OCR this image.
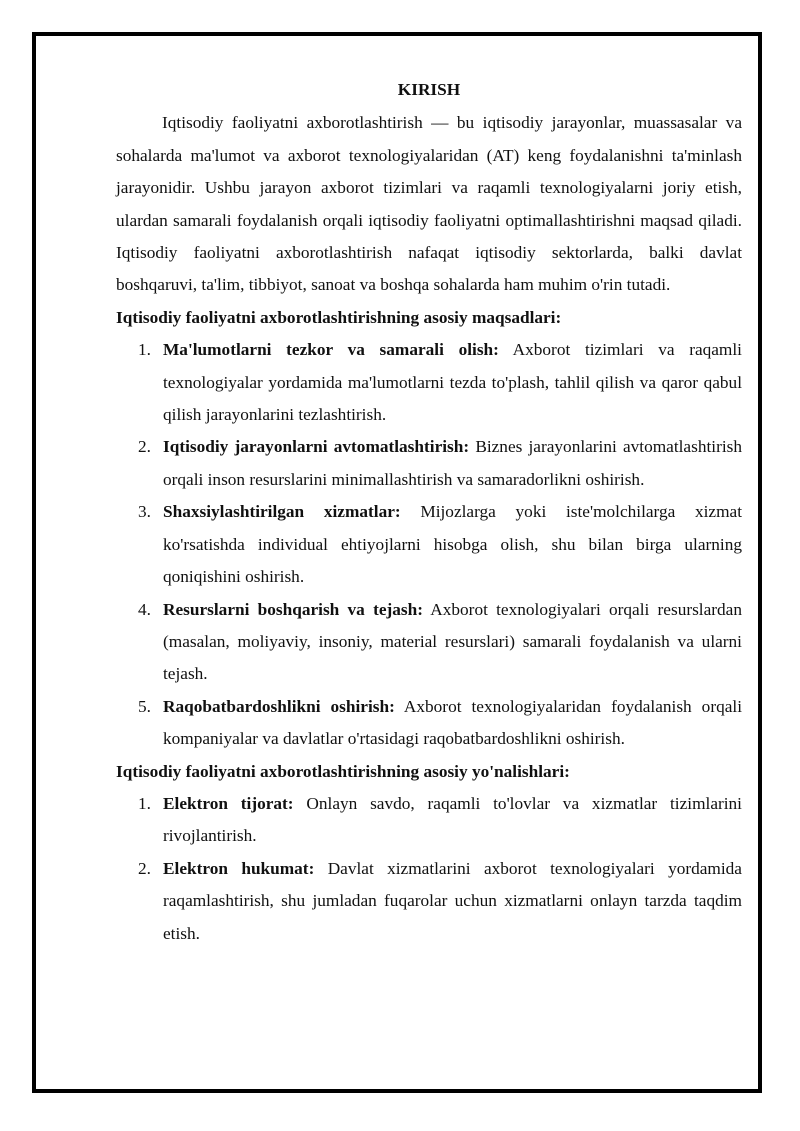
KIRISH

Iqtisodiy faoliyatni axborotlashtirish — bu iqtisodiy jarayonlar, muassasalar va sohalarda ma'lumot va axborot texnologiyalaridan (AT) keng foydalanishni ta'minlash jarayonidir. Ushbu jarayon axborot tizimlari va raqamli texnologiyalarni joriy etish, ulardan samarali foydalanish orqali iqtisodiy faoliyatni optimallashtirishni maqsad qiladi. Iqtisodiy faoliyatni axborotlashtirish nafaqat iqtisodiy sektorlarda, balki davlat boshqaruvi, ta'lim, tibbiyot, sanoat va boshqa sohalarda ham muhim o'rin tutadi.

Iqtisodiy faoliyatni axborotlashtirishning asosiy maqsadlari:
1. Ma'lumotlarni tezkor va samarali olish: Axborot tizimlari va raqamli texnologiyalar yordamida ma'lumotlarni tezda to'plash, tahlil qilish va qaror qabul qilish jarayonlarini tezlashtirish.
2. Iqtisodiy jarayonlarni avtomatlashtirish: Biznes jarayonlarini avtomatlashtirish orqali inson resurslarini minimallashtirish va samaradorlikni oshirish.
3. Shaxsiylashtirilgan xizmatlar: Mijozlarga yoki iste'molchilarga xizmat ko'rsatishda individual ehtiyojlarni hisobga olish, shu bilan birga ularning qoniqishini oshirish.
4. Resurslarni boshqarish va tejash: Axborot texnologiyalari orqali resurslardan (masalan, moliyaviy, insoniy, material resurslari) samarali foydalanish va ularni tejash.
5. Raqobatbardoshlikni oshirish: Axborot texnologiyalaridan foydalanish orqali kompaniyalar va davlatlar o'rtasidagi raqobatbardoshlikni oshirish.
Iqtisodiy faoliyatni axborotlashtirishning asosiy yo'nalishlari:
1. Elektron tijorat: Onlayn savdo, raqamli to'lovlar va xizmatlar tizimlarini rivojlantirish.
2. Elektron hukumat: Davlat xizmatlarini axborot texnologiyalari yordamida raqamlashtirish, shu jumladan fuqarolar uchun xizmatlarni onlayn tarzda taqdim etish.
